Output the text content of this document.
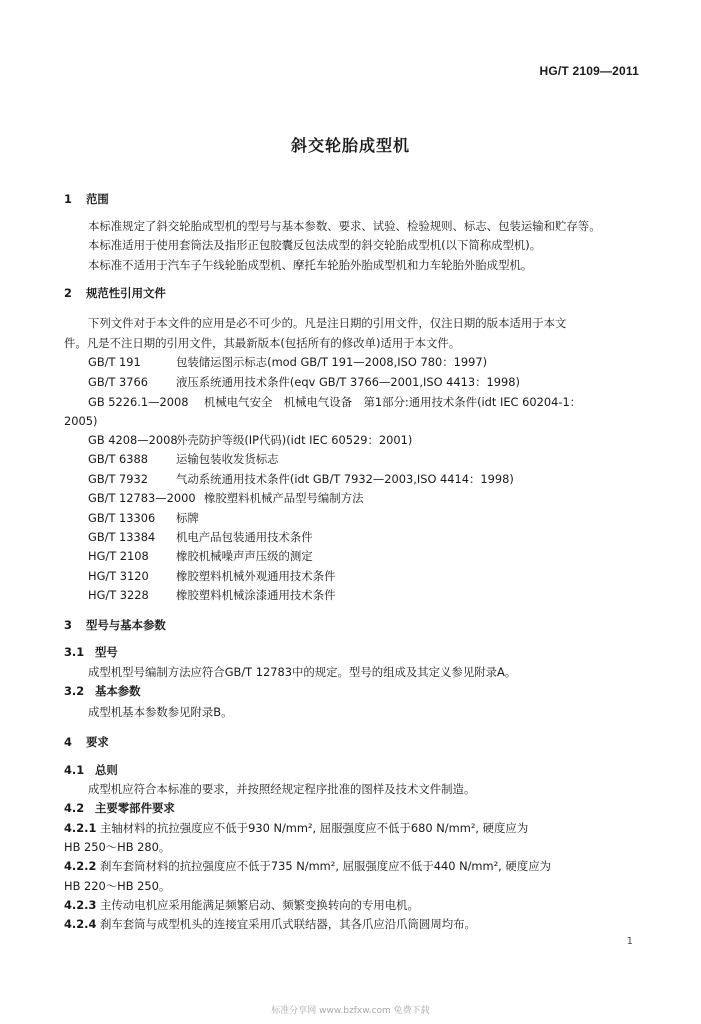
HG/T 2109—2011
斜交轮胎成型机
1 范围
本标准规定了斜交轮胎成型机的型号与基本参数、要求、试验、检验规则、标志、包装运输和贮存等。
本标准适用于使用套筒法及指形正包胶囊反包法成型的斜交轮胎成型机(以下简称成型机)。
本标准不适用于汽车子午线轮胎成型机、摩托车轮胎外胎成型机和力车轮胎外胎成型机。
2 规范性引用文件
下列文件对于本文件的应用是必不可少的。凡是注日期的引用文件，仅注日期的版本适用于本文
件。凡是不注日期的引用文件，其最新版本(包括所有的修改单)适用于本文件。
GB/T 191	包装储运图示标志(mod GB/T 191—2008,ISO 780：1997)
GB/T 3766 液压系统通用技术条件(eqv GB/T 3766—2001,ISO 4413：1998)
GB 5226.1—2008 机械电气安全　机械电气设备　第1部分:通用技术条件(idt IEC 60204-1：
2005)
GB 4208—2008外壳防护等级(IP代码)(idt IEC 60529：2001)
GB/T 6388 运输包装收发货标志
GB/T 7932 气动系统通用技术条件(idt GB/T 7932—2003,ISO 4414：1998)
GB/T 12783—2000 橡胶塑料机械产品型号编制方法
GB/T 13306 标牌
GB/T 13384 机电产品包装通用技术条件
HG/T 2108 橡胶机械噪声声压级的测定
HG/T 3120 橡胶塑料机械外观通用技术条件
HG/T 3228 橡胶塑料机械涂漆通用技术条件
3 型号与基本参数
3.1 型号
成型机型号编制方法应符合GB/T 12783中的规定。型号的组成及其定义参见附录A。
3.2 基本参数
成型机基本参数参见附录B。
4 要求
4.1 总则
成型机应符合本标准的要求，并按照经规定程序批准的图样及技术文件制造。
4.2 主要零部件要求
4.2.1 主轴材料的抗拉强度应不低于930 N/mm², 屈服强度应不低于680 N/mm², 硬度应为
HB 250～HB 280。
4.2.2 刹车套筒材料的抗拉强度应不低于735 N/mm², 屈服强度应不低于440 N/mm², 硬度应为
HB 220～HB 250。
4.2.3 主传动电机应采用能满足频繁启动、频繁变换转向的专用电机。
4.2.4 刹车套筒与成型机头的连接宜采用爪式联结器，其各爪应沿爪筒圆周均布。
1
标准分享网 www.bzfxw.com 免费下载
